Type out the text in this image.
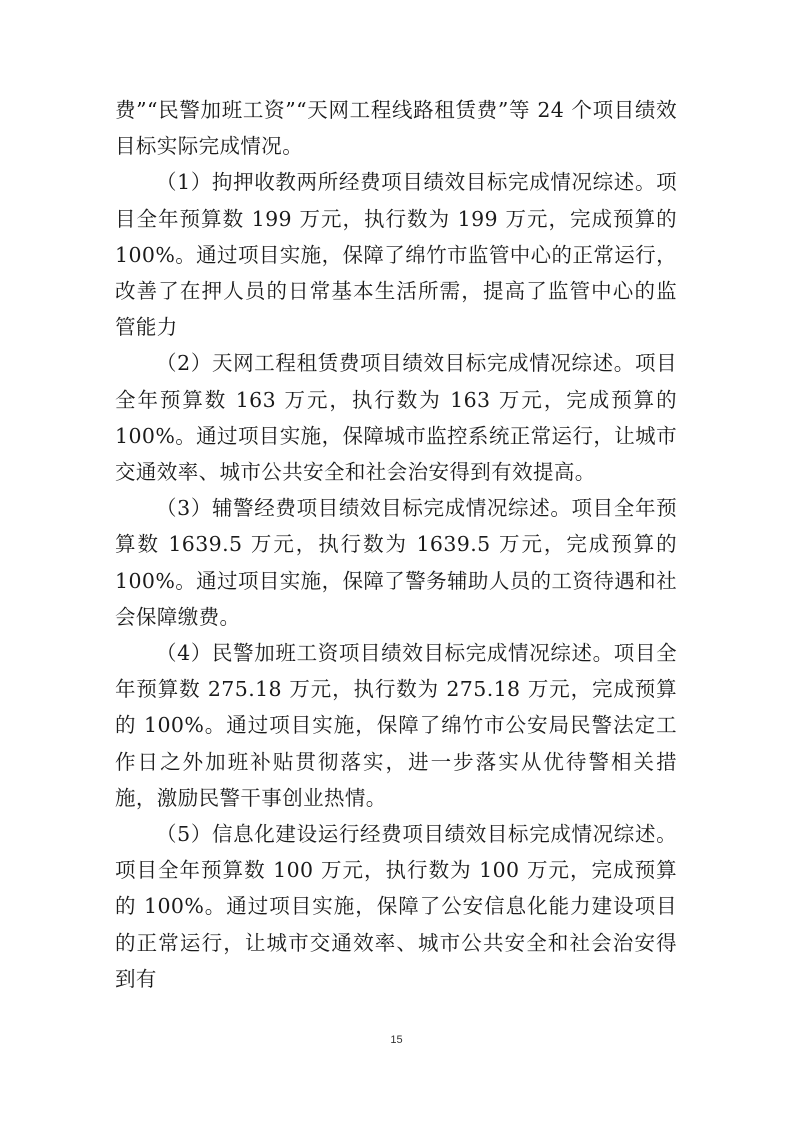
费”“民警加班工资”“天网工程线路租赁费”等 24 个项目绩效目标实际完成情况。

（1）拘押收教两所经费项目绩效目标完成情况综述。项目全年预算数 199 万元，执行数为 199 万元，完成预算的 100%。通过项目实施，保障了绵竹市监管中心的正常运行，改善了在押人员的日常基本生活所需，提高了监管中心的监管能力

（2）天网工程租赁费项目绩效目标完成情况综述。项目全年预算数 163 万元，执行数为 163 万元，完成预算的 100%。通过项目实施，保障城市监控系统正常运行，让城市交通效率、城市公共安全和社会治安得到有效提高。

（3）辅警经费项目绩效目标完成情况综述。项目全年预算数 1639.5 万元，执行数为 1639.5 万元，完成预算的 100%。通过项目实施，保障了警务辅助人员的工资待遇和社会保障缴费。

（4）民警加班工资项目绩效目标完成情况综述。项目全年预算数 275.18 万元，执行数为 275.18 万元，完成预算的 100%。通过项目实施，保障了绵竹市公安局民警法定工作日之外加班补贴贯彻落实，进一步落实从优待警相关措施，激励民警干事创业热情。

（5）信息化建设运行经费项目绩效目标完成情况综述。项目全年预算数 100 万元，执行数为 100 万元，完成预算的 100%。通过项目实施，保障了公安信息化能力建设项目的正常运行，让城市交通效率、城市公共安全和社会治安得到有

15
